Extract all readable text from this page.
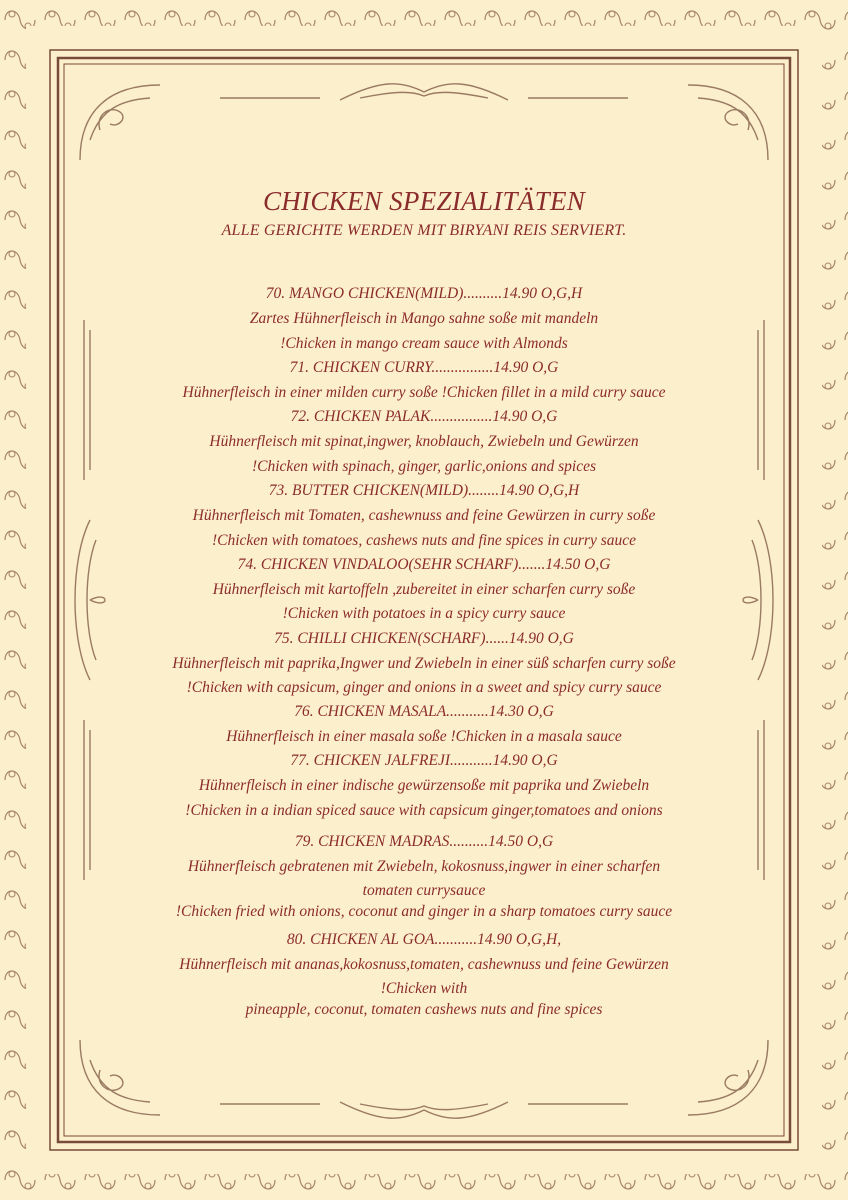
CHICKEN SPEZIALITÄTEN
ALLE GERICHTE WERDEN MIT BIRYANI REIS SERVIERT.
70. MANGO CHICKEN(MILD)..........14.90 O,G,H
Zartes Hühnerfleisch in Mango sahne soße mit mandeln
!Chicken in mango cream sauce with Almonds
71. CHICKEN CURRY................14.90 O,G
Hühnerfleisch in einer milden curry soße !Chicken fillet in a mild curry sauce
72. CHICKEN PALAK................14.90 O,G
Hühnerfleisch mit spinat,ingwer, knoblauch, Zwiebeln und Gewürzen
!Chicken with spinach, ginger, garlic,onions and spices
73. BUTTER CHICKEN(MILD)........14.90 O,G,H
Hühnerfleisch mit Tomaten, cashewnuss and feine Gewürzen in curry soße
!Chicken with tomatoes, cashews nuts and fine spices in curry sauce
74. CHICKEN VINDALOO(SEHR SCHARF).......14.50 O,G
Hühnerfleisch mit kartoffeln ,zubereitet in einer scharfen curry soße
!Chicken with potatoes in a spicy curry sauce
75. CHILLI CHICKEN(SCHARF)......14.90 O,G
Hühnerfleisch mit paprika,Ingwer und Zwiebeln in einer süß scharfen curry soße
!Chicken with capsicum, ginger and onions in a sweet and spicy curry sauce
76. CHICKEN MASALA...........14.30 O,G
Hühnerfleisch in einer masala soße !Chicken in a masala sauce
77. CHICKEN JALFREJI...........14.90 O,G
Hühnerfleisch in einer indische gewürzensoße mit paprika und Zwiebeln
!Chicken in a indian spiced sauce with capsicum ginger,tomatoes and onions
79. CHICKEN MADRAS..........14.50 O,G
Hühnerfleisch gebratenen mit Zwiebeln, kokosnuss,ingwer in einer scharfen
tomaten currysauce
!Chicken fried with onions, coconut and ginger in a sharp tomatoes curry sauce
80. CHICKEN AL GOA...........14.90 O,G,H,
Hühnerfleisch mit ananas,kokosnuss,tomaten, cashewnuss und feine Gewürzen
!Chicken with
pineapple, coconut, tomaten cashews nuts and fine spices
